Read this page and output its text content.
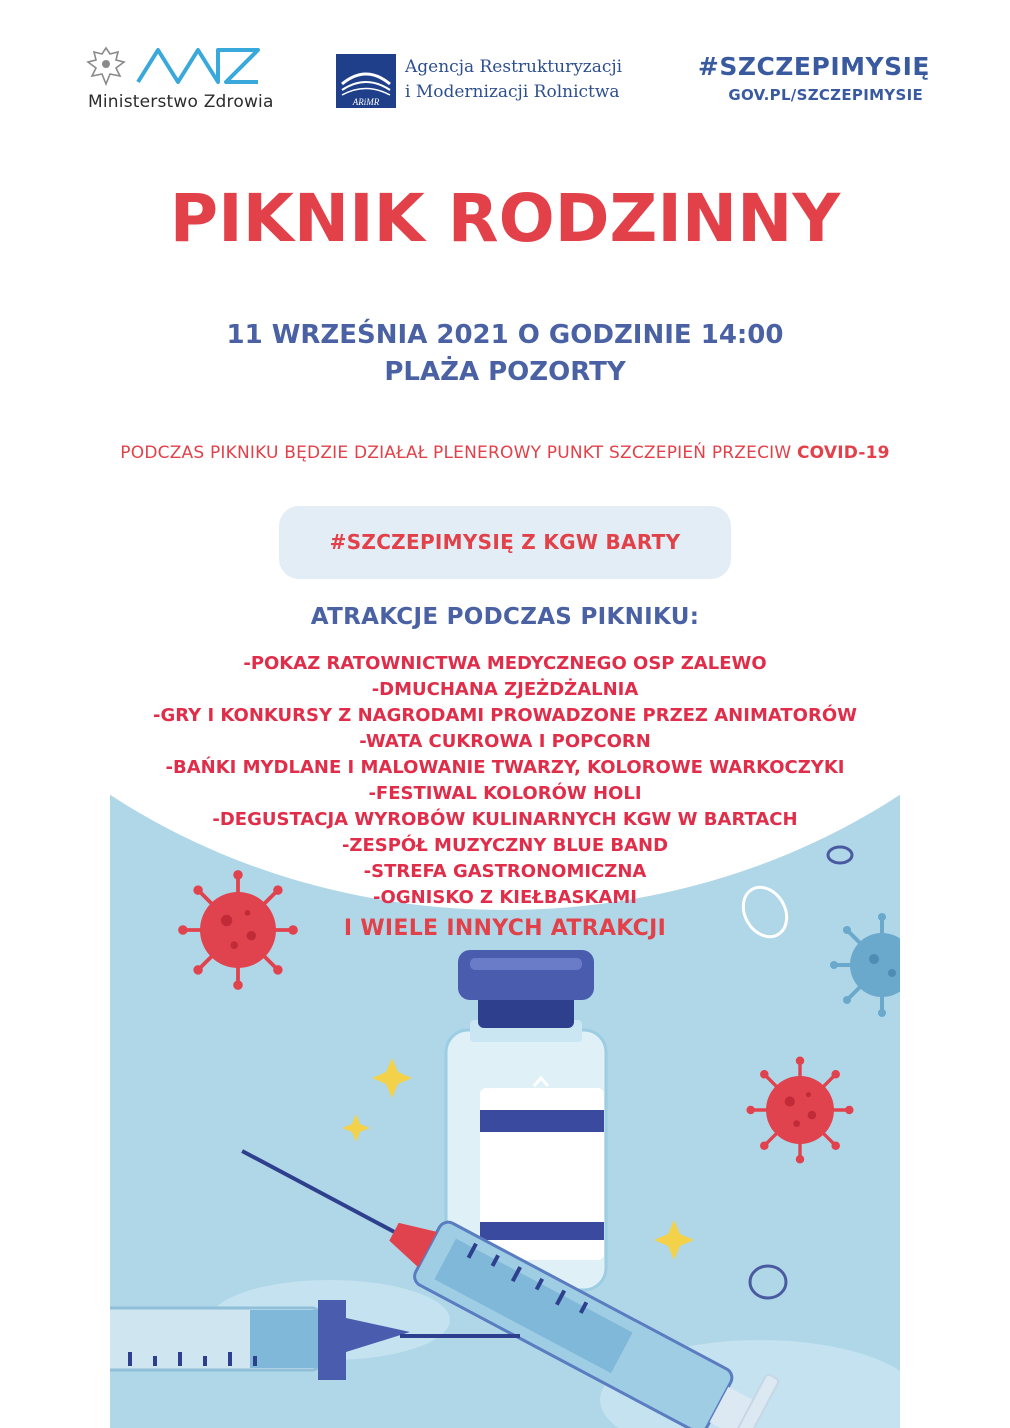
Ministerstwo Zdrowia	ARiMR
Agencja Restrukturyzacji
i Modernizacji Rolnictwa
#SZCZEPIMYSIĘ
GOV.PL/SZCZEPIMYSIE
PIKNIK RODZINNY
11 WRZEŚNIA 2021 O GODZINIE 14:00
PLAŻA POZORTY
PODCZAS PIKNIKU BĘDZIE DZIAŁAŁ PLENEROWY PUNKT SZCZEPIEŃ PRZECIW COVID-19
#SZCZEPIMYSIĘ Z KGW BARTY
ATRAKCJE PODCZAS PIKNIKU:
-POKAZ RATOWNICTWA MEDYCZNEGO OSP ZALEWO
-DMUCHANA ZJEŻDŻALNIA
-GRY I KONKURSY Z NAGRODAMI PROWADZONE PRZEZ ANIMATORÓW
-WATA CUKROWA I POPCORN
-BAŃKI MYDLANE I MALOWANIE TWARZY, KOLOROWE WARKOCZYKI
-FESTIWAL KOLORÓW HOLI
-DEGUSTACJA WYROBÓW KULINARNYCH KGW W BARTACH
-ZESPÓŁ MUZYCZNY BLUE BAND
-STREFA GASTRONOMICZNA
-OGNISKO Z KIEŁBASKAMI
I WIELE INNYCH ATRAKCJI
